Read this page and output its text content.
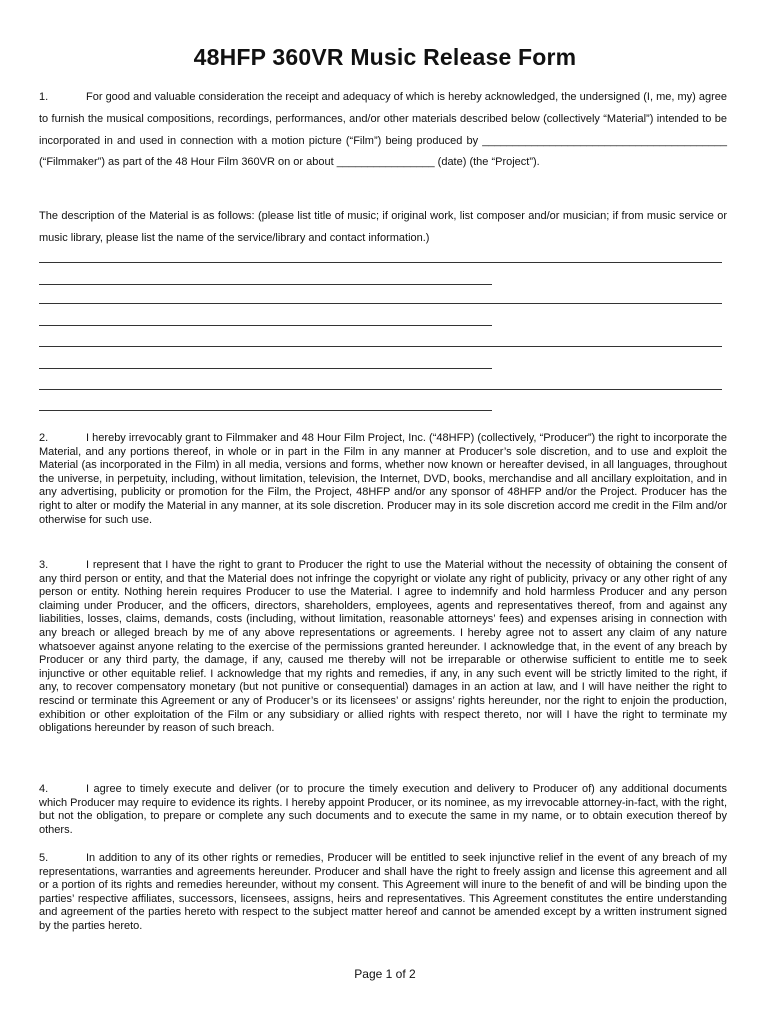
48HFP 360VR Music Release Form

1.	For good and valuable consideration the receipt and adequacy of which is hereby acknowledged, the undersigned (I, me, my) agree to furnish the musical compositions, recordings, performances, and/or other materials described below (collectively “Material”) intended to be incorporated in and used in connection with a motion picture (“Film”) being produced by ________________________________________ (“Filmmaker”) as part of the 48 Hour Film 360VR on or about ________________ (date) (the “Project”).

The description of the Material is as follows: (please list title of music; if original work, list composer and/or musician; if from music service or music library, please list the name of the service/library and contact information.)

2.	I hereby irrevocably grant to Filmmaker and 48 Hour Film Project, Inc. (“48HFP) (collectively, “Producer”) the right to incorporate the Material, and any portions thereof, in whole or in part in the Film in any manner at Producer’s sole discretion, and to use and exploit the Material (as incorporated in the Film) in all media, versions and forms, whether now known or hereafter devised, in all languages, throughout the universe, in perpetuity, including, without limitation, television, the Internet, DVD, books, merchandise and all ancillary exploitation, and in any advertising, publicity or promotion for the Film, the Project, 48HFP and/or any sponsor of 48HFP and/or the Project. Producer has the right to alter or modify the Material in any manner, at its sole discretion. Producer may in its sole discretion accord me credit in the Film and/or otherwise for such use.

3.	I represent that I have the right to grant to Producer the right to use the Material without the necessity of obtaining the consent of any third person or entity, and that the Material does not infringe the copyright or violate any right of publicity, privacy or any other right of any person or entity. Nothing herein requires Producer to use the Material. I agree to indemnify and hold harmless Producer and any person claiming under Producer, and the officers, directors, shareholders, employees, agents and representatives thereof, from and against any liabilities, losses, claims, demands, costs (including, without limitation, reasonable attorneys’ fees) and expenses arising in connection with any breach or alleged breach by me of any above representations or agreements. I hereby agree not to assert any claim of any nature whatsoever against anyone relating to the exercise of the permissions granted hereunder. I acknowledge that, in the event of any breach by Producer or any third party, the damage, if any, caused me thereby will not be irreparable or otherwise sufficient to entitle me to seek injunctive or other equitable relief. I acknowledge that my rights and remedies, if any, in any such event will be strictly limited to the right, if any, to recover compensatory monetary (but not punitive or consequential) damages in an action at law, and I will have neither the right to rescind or terminate this Agreement or any of Producer’s or its licensees’ or assigns’ rights hereunder, nor the right to enjoin the production, exhibition or other exploitation of the Film or any subsidiary or allied rights with respect thereto, nor will I have the right to terminate my obligations hereunder by reason of such breach.

4.	I agree to timely execute and deliver (or to procure the timely execution and delivery to Producer of) any additional documents which Producer may require to evidence its rights. I hereby appoint Producer, or its nominee, as my irrevocable attorney-in-fact, with the right, but not the obligation, to prepare or complete any such documents and to execute the same in my name, or to obtain execution thereof by others.

5.	In addition to any of its other rights or remedies, Producer will be entitled to seek injunctive relief in the event of any breach of my representations, warranties and agreements hereunder. Producer and shall have the right to freely assign and license this agreement and all or a portion of its rights and remedies hereunder, without my consent. This Agreement will inure to the benefit of and will be binding upon the parties’ respective affiliates, successors, licensees, assigns, heirs and representatives. This Agreement constitutes the entire understanding and agreement of the parties hereto with respect to the subject matter hereof and cannot be amended except by a written instrument signed by the parties hereto.

Page 1 of 2
